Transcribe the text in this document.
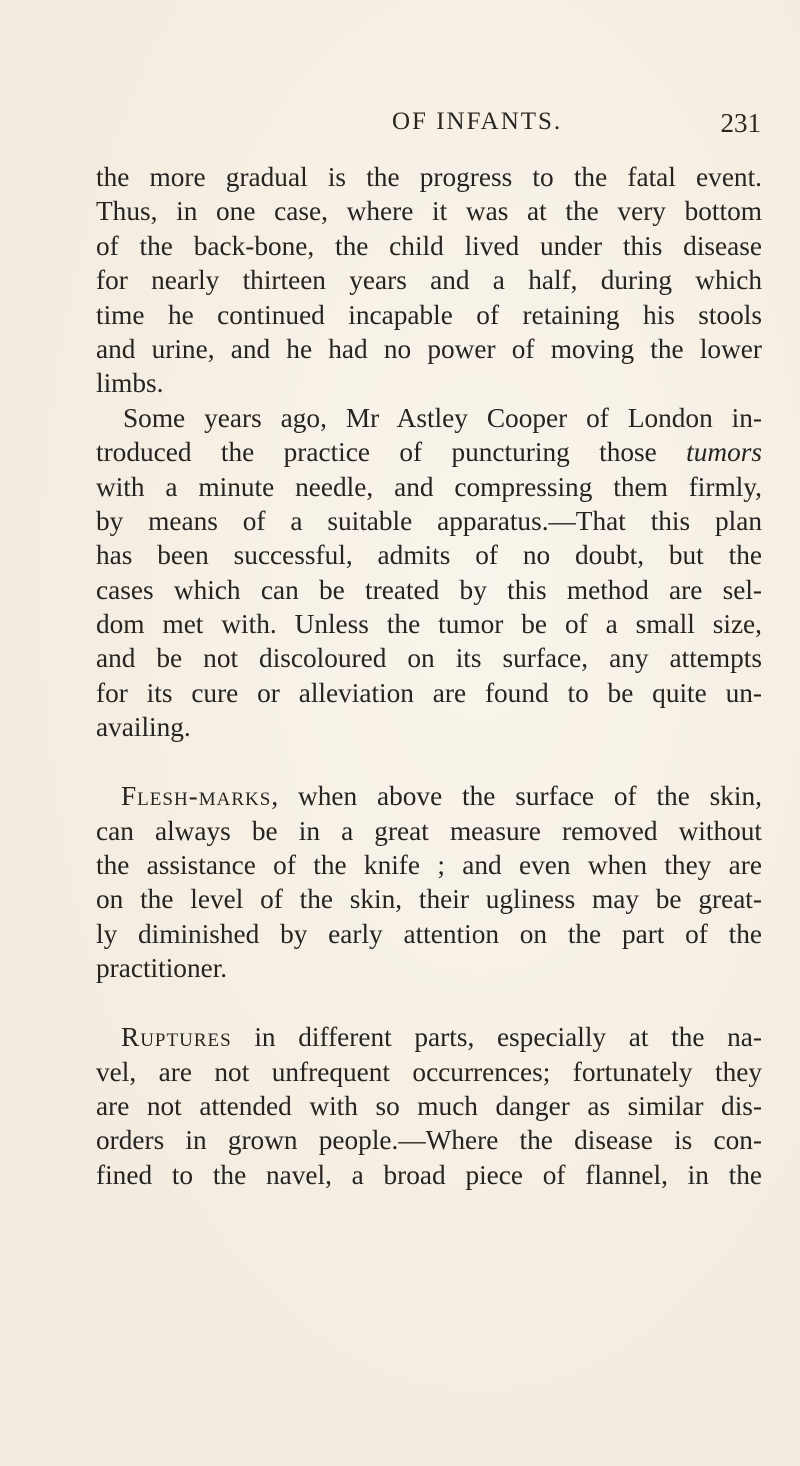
OF INFANTS.	231
the more gradual is the progress to the fatal event.
Thus, in one case, where it was at the very bottom
of the back-bone, the child lived under this disease
for nearly thirteen years and a half, during which
time he continued incapable of retaining his stools
and urine, and he had no power of moving the lower
limbs.
Some years ago, Mr Astley Cooper of London in-
troduced the practice of puncturing those tumors
with a minute needle, and compressing them firmly,
by means of a suitable apparatus.—That this plan
has been successful, admits of no doubt, but the
cases which can be treated by this method are sel-
dom met with. Unless the tumor be of a small size,
and be not discoloured on its surface, any attempts
for its cure or alleviation are found to be quite un-
availing.
Flesh-marks, when above the surface of the skin,
can always be in a great measure removed without
the assistance of the knife ; and even when they are
on the level of the skin, their ugliness may be great-
ly diminished by early attention on the part of the
practitioner.
Ruptures in different parts, especially at the na-
vel, are not unfrequent occurrences; fortunately they
are not attended with so much danger as similar dis-
orders in grown people.—Where the disease is con-
fined to the navel, a broad piece of flannel, in the
